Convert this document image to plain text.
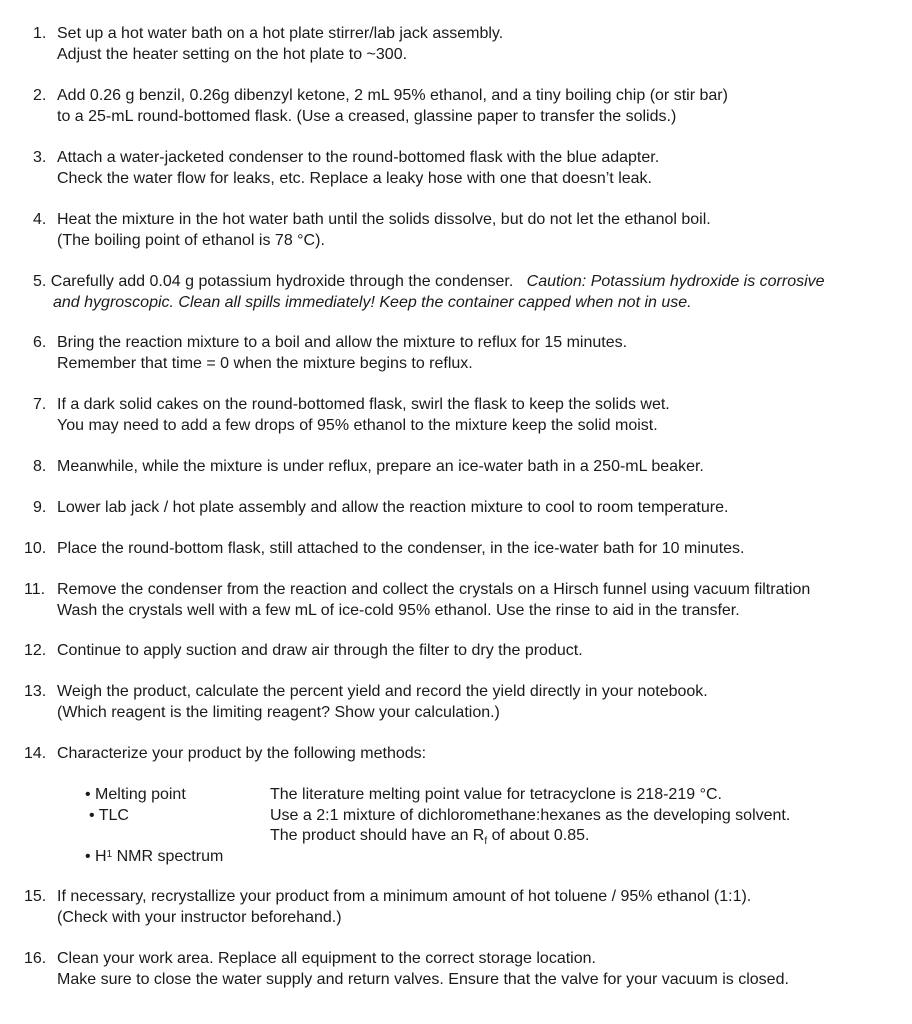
1. Set up a hot water bath on a hot plate stirrer/lab jack assembly.
Adjust the heater setting on the hot plate to ~300.
2. Add 0.26 g benzil, 0.26g dibenzyl ketone, 2 mL 95% ethanol, and a tiny boiling chip (or stir bar)
to a 25-mL round-bottomed flask. (Use a creased, glassine paper to transfer the solids.)
3. Attach a water-jacketed condenser to the round-bottomed flask with the blue adapter.
Check the water flow for leaks, etc. Replace a leaky hose with one that doesn’t leak.
4. Heat the mixture in the hot water bath until the solids dissolve, but do not let the ethanol boil.
(The boiling point of ethanol is 78 °C).
5. Carefully add 0.04 g potassium hydroxide through the condenser. Caution: Potassium hydroxide is corrosive
and hygroscopic. Clean all spills immediately! Keep the container capped when not in use.
6. Bring the reaction mixture to a boil and allow the mixture to reflux for 15 minutes.
Remember that time = 0 when the mixture begins to reflux.
7. If a dark solid cakes on the round-bottomed flask, swirl the flask to keep the solids wet.
You may need to add a few drops of 95% ethanol to the mixture keep the solid moist.
8. Meanwhile, while the mixture is under reflux, prepare an ice-water bath in a 250-mL beaker.
9. Lower lab jack / hot plate assembly and allow the reaction mixture to cool to room temperature.
10. Place the round-bottom flask, still attached to the condenser, in the ice-water bath for 10 minutes.
11. Remove the condenser from the reaction and collect the crystals on a Hirsch funnel using vacuum filtration
Wash the crystals well with a few mL of ice-cold 95% ethanol. Use the rinse to aid in the transfer.
12. Continue to apply suction and draw air through the filter to dry the product.
13. Weigh the product, calculate the percent yield and record the yield directly in your notebook.
(Which reagent is the limiting reagent? Show your calculation.)
14. Characterize your product by the following methods:
• Melting point	The literature melting point value for tetracyclone is 218-219 °C.
• TLC	Use a 2:1 mixture of dichloromethane:hexanes as the developing solvent.
The product should have an $R_f$ of about 0.85.
• $H^1$ NMR spectrum
15. If necessary, recrystallize your product from a minimum amount of hot toluene / 95% ethanol (1:1).
(Check with your instructor beforehand.)
16. Clean your work area. Replace all equipment to the correct storage location.
Make sure to close the water supply and return valves. Ensure that the valve for your vacuum is closed.
